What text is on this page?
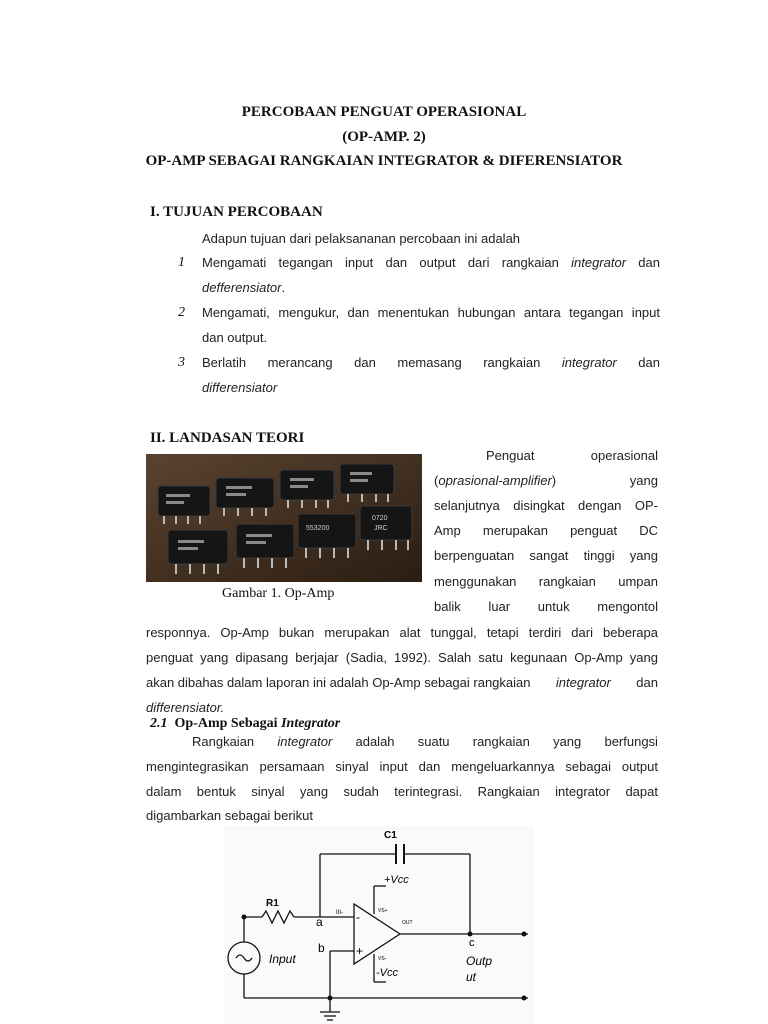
PERCOBAAN PENGUAT OPERASIONAL
(OP-AMP. 2)
OP-AMP SEBAGAI RANGKAIAN INTEGRATOR & DIFERENSIATOR
I. TUJUAN PERCOBAAN
Adapun tujuan dari pelaksananan percobaan ini adalah
1 Mengamati tegangan input dan output dari rangkaian integrator dan
defferensiator.
2 Mengamati, mengukur, dan menentukan hubungan antara tegangan input
dan output.
3 Berlatih merancang dan memasang rangkaian integrator dan
differensiator
II. LANDASAN TEORI
0720
553200	JRC
Gambar 1. Op-Amp
Penguat	operasional
(oprasional-amplifier)	yang
selanjutnya disingkat dengan OP-
Amp merupakan penguat DC
berpenguatan sangat tinggi yang
menggunakan rangkaian umpan
balik luar untuk mengontol
responnya. Op-Amp bukan merupakan alat tunggal, tetapi terdiri dari beberapa
penguat yang dipasang berjajar (Sadia, 1992). Salah satu kegunaan Op-Amp yang
akan dibahas dalam laporan ini adalah Op-Amp sebagai rangkaian integrator dan
differensiator.
2.1 Op-Amp Sebagai Integrator
Rangkaian integrator adalah suatu rangkaian yang berfungsi
mengintegrasikan persamaan sinyal input dan mengeluarkannya sebagai output
dalam bentuk sinyal yang sudah terintegrasi. Rangkaian integrator dapat
digambarkan sebagai berikut
C1
R1
+Vcc
-Vcc
a
b	c
Input	Outp
ut
III-	VS+
VS-
OUT
-
+
